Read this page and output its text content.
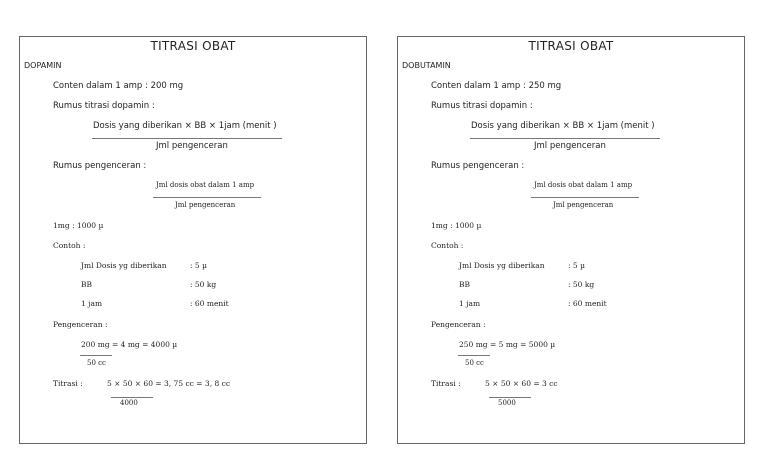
TITRASI OBAT
DOPAMIN
Conten dalam 1 amp : 200 mg
Rumus titrasi dopamin :
Dosis yang diberikan × BB × 1jam (menit )
Jml pengenceran
Rumus pengenceran :
Jml dosis obat dalam 1 amp
Jml pengenceran
1mg : 1000 µ
Contoh :
Jml Dosis yg diberikan	: 5 µ
BB	: 50 kg
1 jam	: 60 menit
Pengenceran :
200 mg = 4 mg = 4000 µ
50 cc
Titrasi :	5 × 50 × 60 = 3, 75 cc = 3, 8 cc
4000
TITRASI OBAT
DOBUTAMIN
Conten dalam 1 amp : 250 mg
Rumus titrasi dopamin :
Dosis yang diberikan × BB × 1jam (menit )
Jml pengenceran
Rumus pengenceran :
Jml dosis obat dalam 1 amp
Jml pengenceran
1mg : 1000 µ
Contoh :
Jml Dosis yg diberikan	: 5 µ
BB	: 50 kg
1 jam	: 60 menit
Pengenceran :
250 mg = 5 mg = 5000 µ
50 cc
Titrasi :	5 × 50 × 60 = 3 cc
5000
